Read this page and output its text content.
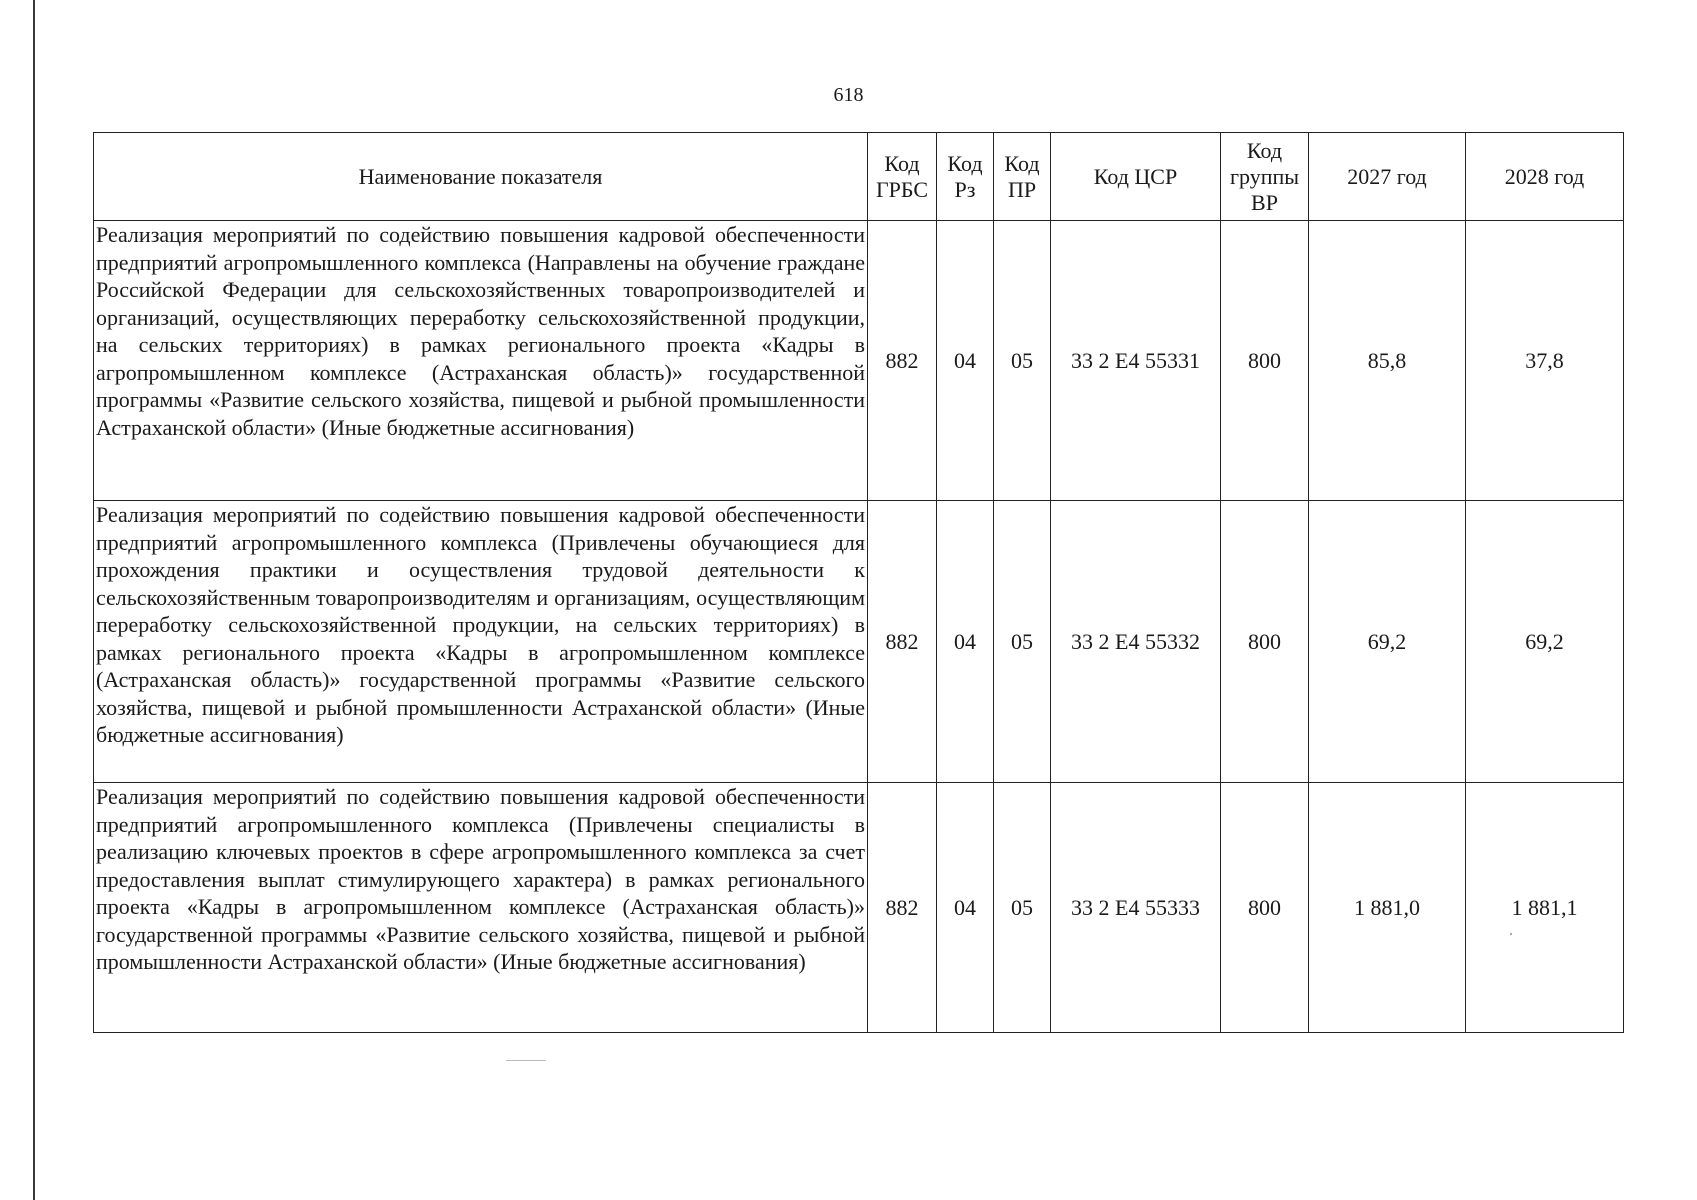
618
Наименование показателя	Код ГРБС	Код Рз	Код ПР	Код ЦСР	Код группы ВР	2027 год	2028 год
Реализация мероприятий по содействию повышения кадровой обеспеченности предприятий агропромышленного комплекса (Направлены на обучение граждане Российской Федерации для сельскохозяйственных товаропроизводителей и организаций, осуществляющих переработку сельскохозяйственной продукции, на сельских территориях) в рамках регионального проекта «Кадры в агропромышленном комплексе (Астраханская область)» государственной программы «Развитие сельского хозяйства, пищевой и рыбной промышленности Астраханской области» (Иные бюджетные ассигнования)	882	04	05	33 2 Е4 55331	800	85,8	37,8
Реализация мероприятий по содействию повышения кадровой обеспеченности предприятий агропромышленного комплекса (Привлечены обучающиеся для прохождения практики и осуществления трудовой деятельности к сельскохозяйственным товаропроизводителям и организациям, осуществляющим переработку сельскохозяйственной продукции, на сельских территориях) в рамках регионального проекта «Кадры в агропромышленном комплексе (Астраханская область)» государственной программы «Развитие сельского хозяйства, пищевой и рыбной промышленности Астраханской области» (Иные бюджетные ассигнования)	882	04	05	33 2 Е4 55332	800	69,2	69,2
Реализация мероприятий по содействию повышения кадровой обеспеченности предприятий агропромышленного комплекса (Привлечены специалисты в реализацию ключевых проектов в сфере агропромышленного комплекса за счет предоставления выплат стимулирующего характера) в рамках регионального проекта «Кадры в агропромышленном комплексе (Астраханская область)» государственной программы «Развитие сельского хозяйства, пищевой и рыбной промышленности Астраханской области» (Иные бюджетные ассигнования)	882	04	05	33 2 Е4 55333	800	1 881,0	1 881,1
